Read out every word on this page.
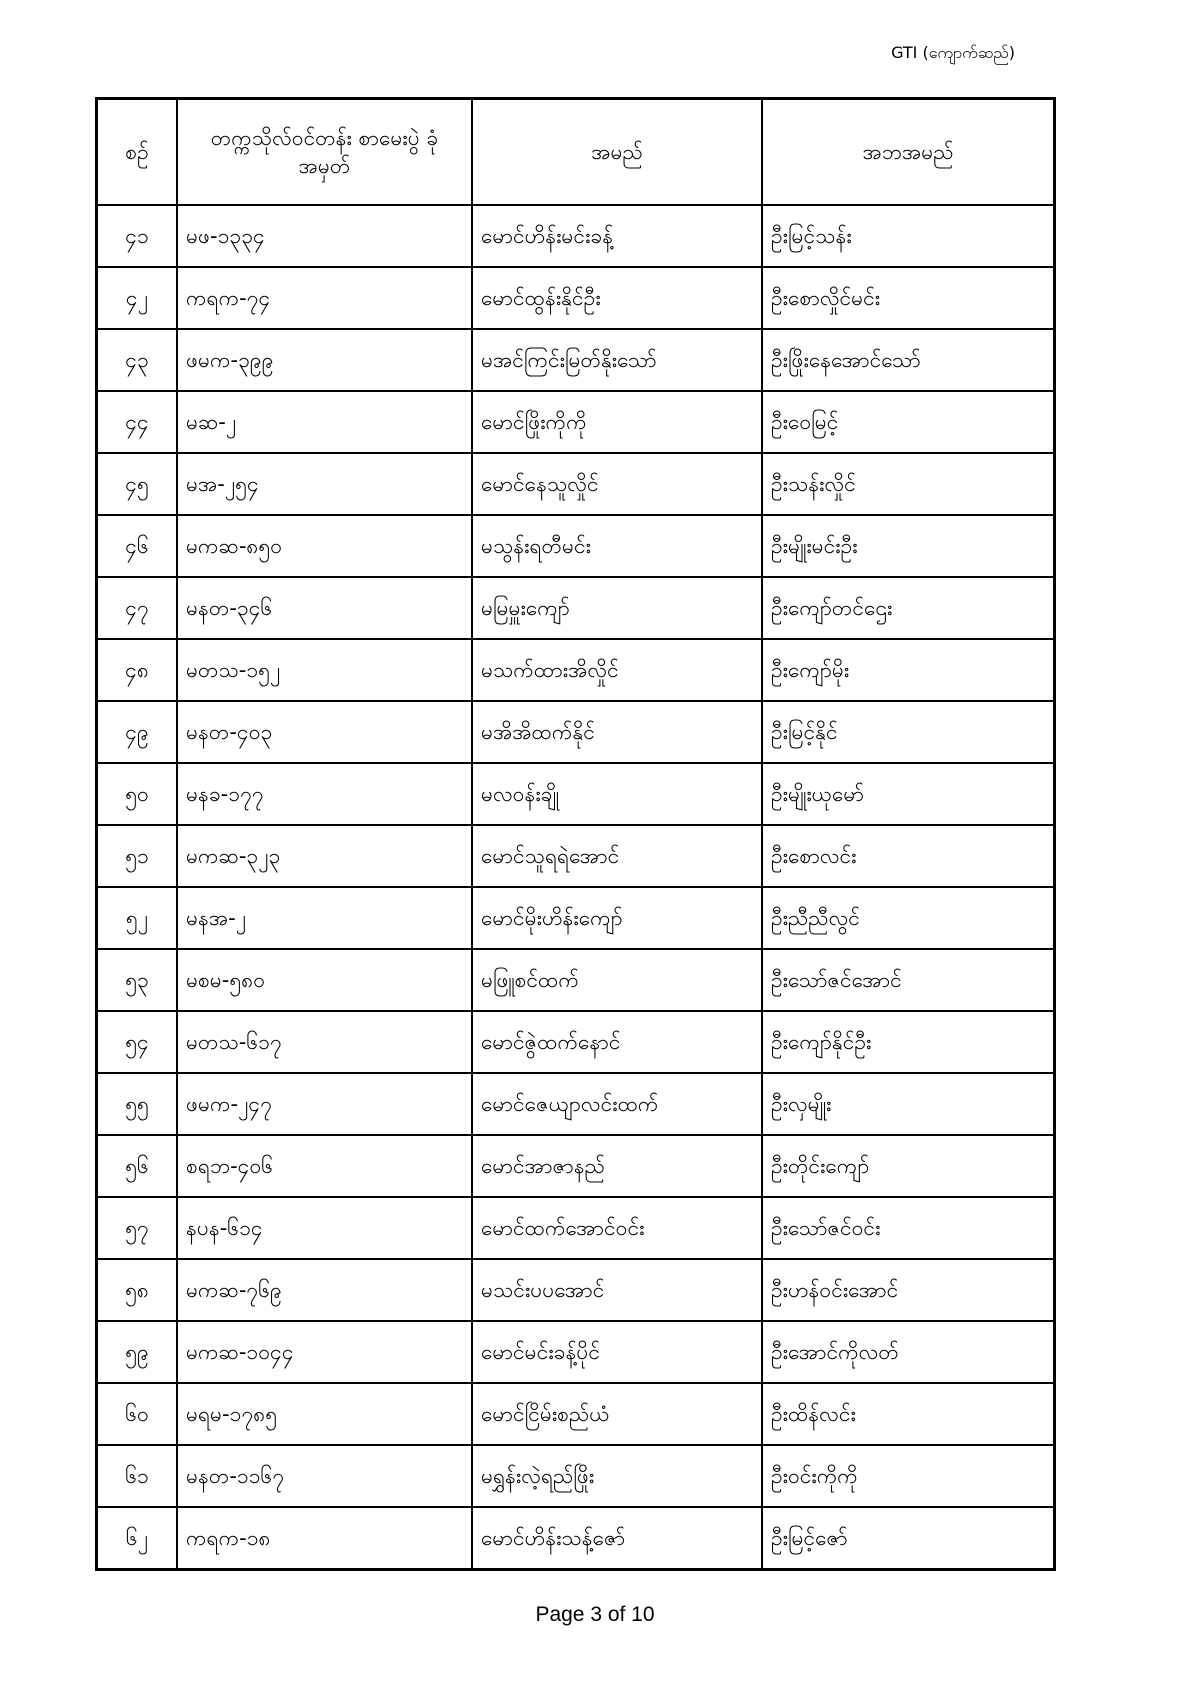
GTI (ကျောက်ဆည်)
စဉ်	တက္ကသိုလ်ဝင်တန်း စာမေးပွဲ ခုံအမှတ်	အမည်	အဘအမည်
၄၁	မဖ-၁၃၃၄	မောင်ဟိန်းမင်းခန့်	ဦးမြင့်သန်း
၄၂	ကရက-၇၄	မောင်ထွန်းနိုင်ဦး	ဦးစောလှိုင်မင်း
၄၃	ဖမက-၃၉၉	မအင်ကြင်းမြတ်နိုးသော်	ဦးဖြိုးနေအောင်သော်
၄၄	မဆ-၂	မောင်ဖြိုးကိုကို	ဦးဝေမြင့်
၄၅	မအ-၂၅၄	မောင်နေသူလှိုင်	ဦးသန်းလှိုင်
၄၆	မကဆ-၈၅၀	မသွန်းရတီမင်း	ဦးမျိုးမင်းဦး
၄၇	မနတ-၃၄၆	မမြမှူးကျော်	ဦးကျော်တင်ဌေး
၄၈	မတသ-၁၅၂	မသက်ထားအိလှိုင်	ဦးကျော်မိုး
၄၉	မနတ-၄၀၃	မအိအိထက်နိုင်	ဦးမြင့်နိုင်
၅၀	မနခ-၁၇၇	မလဝန်းချို	ဦးမျိုးယုမော်
၅၁	မကဆ-၃၂၃	မောင်သူရရဲအောင်	ဦးစောလင်း
၅၂	မနအ-၂	မောင်မိုးဟိန်းကျော်	ဦးညီညီလွင်
၅၃	မစမ-၅၈၀	မဖြူစင်ထက်	ဦးသော်ဇင်အောင်
၅၄	မတသ-၆၁၇	မောင်ဇွဲထက်နောင်	ဦးကျော်နိုင်ဦး
၅၅	ဖမက-၂၄၇	မောင်ဇေယျာလင်းထက်	ဦးလှမျိုး
၅၆	စရဘ-၄၀၆	မောင်အာဇာနည်	ဦးတိုင်းကျော်
၅၇	နပန-၆၁၄	မောင်ထက်အောင်ဝင်း	ဦးသော်ဇင်ဝင်း
၅၈	မကဆ-၇၆၉	မသင်းပပအောင်	ဦးဟန်ဝင်းအောင်
၅၉	မကဆ-၁၀၄၄	မောင်မင်းခန့်ပိုင်	ဦးအောင်ကိုလတ်
၆၀	မရမ-၁၇၈၅	မောင်ငြိမ်းစည်ယံ	ဦးထိန်လင်း
၆၁	မနတ-၁၁၆၇	မရွှန်းလဲ့ရည်ဖြိုး	ဦးဝင်းကိုကို
၆၂	ကရက-၁၈	မောင်ဟိန်းသန့်ဇော်	ဦးမြင့်ဇော်
Page 3 of 10
